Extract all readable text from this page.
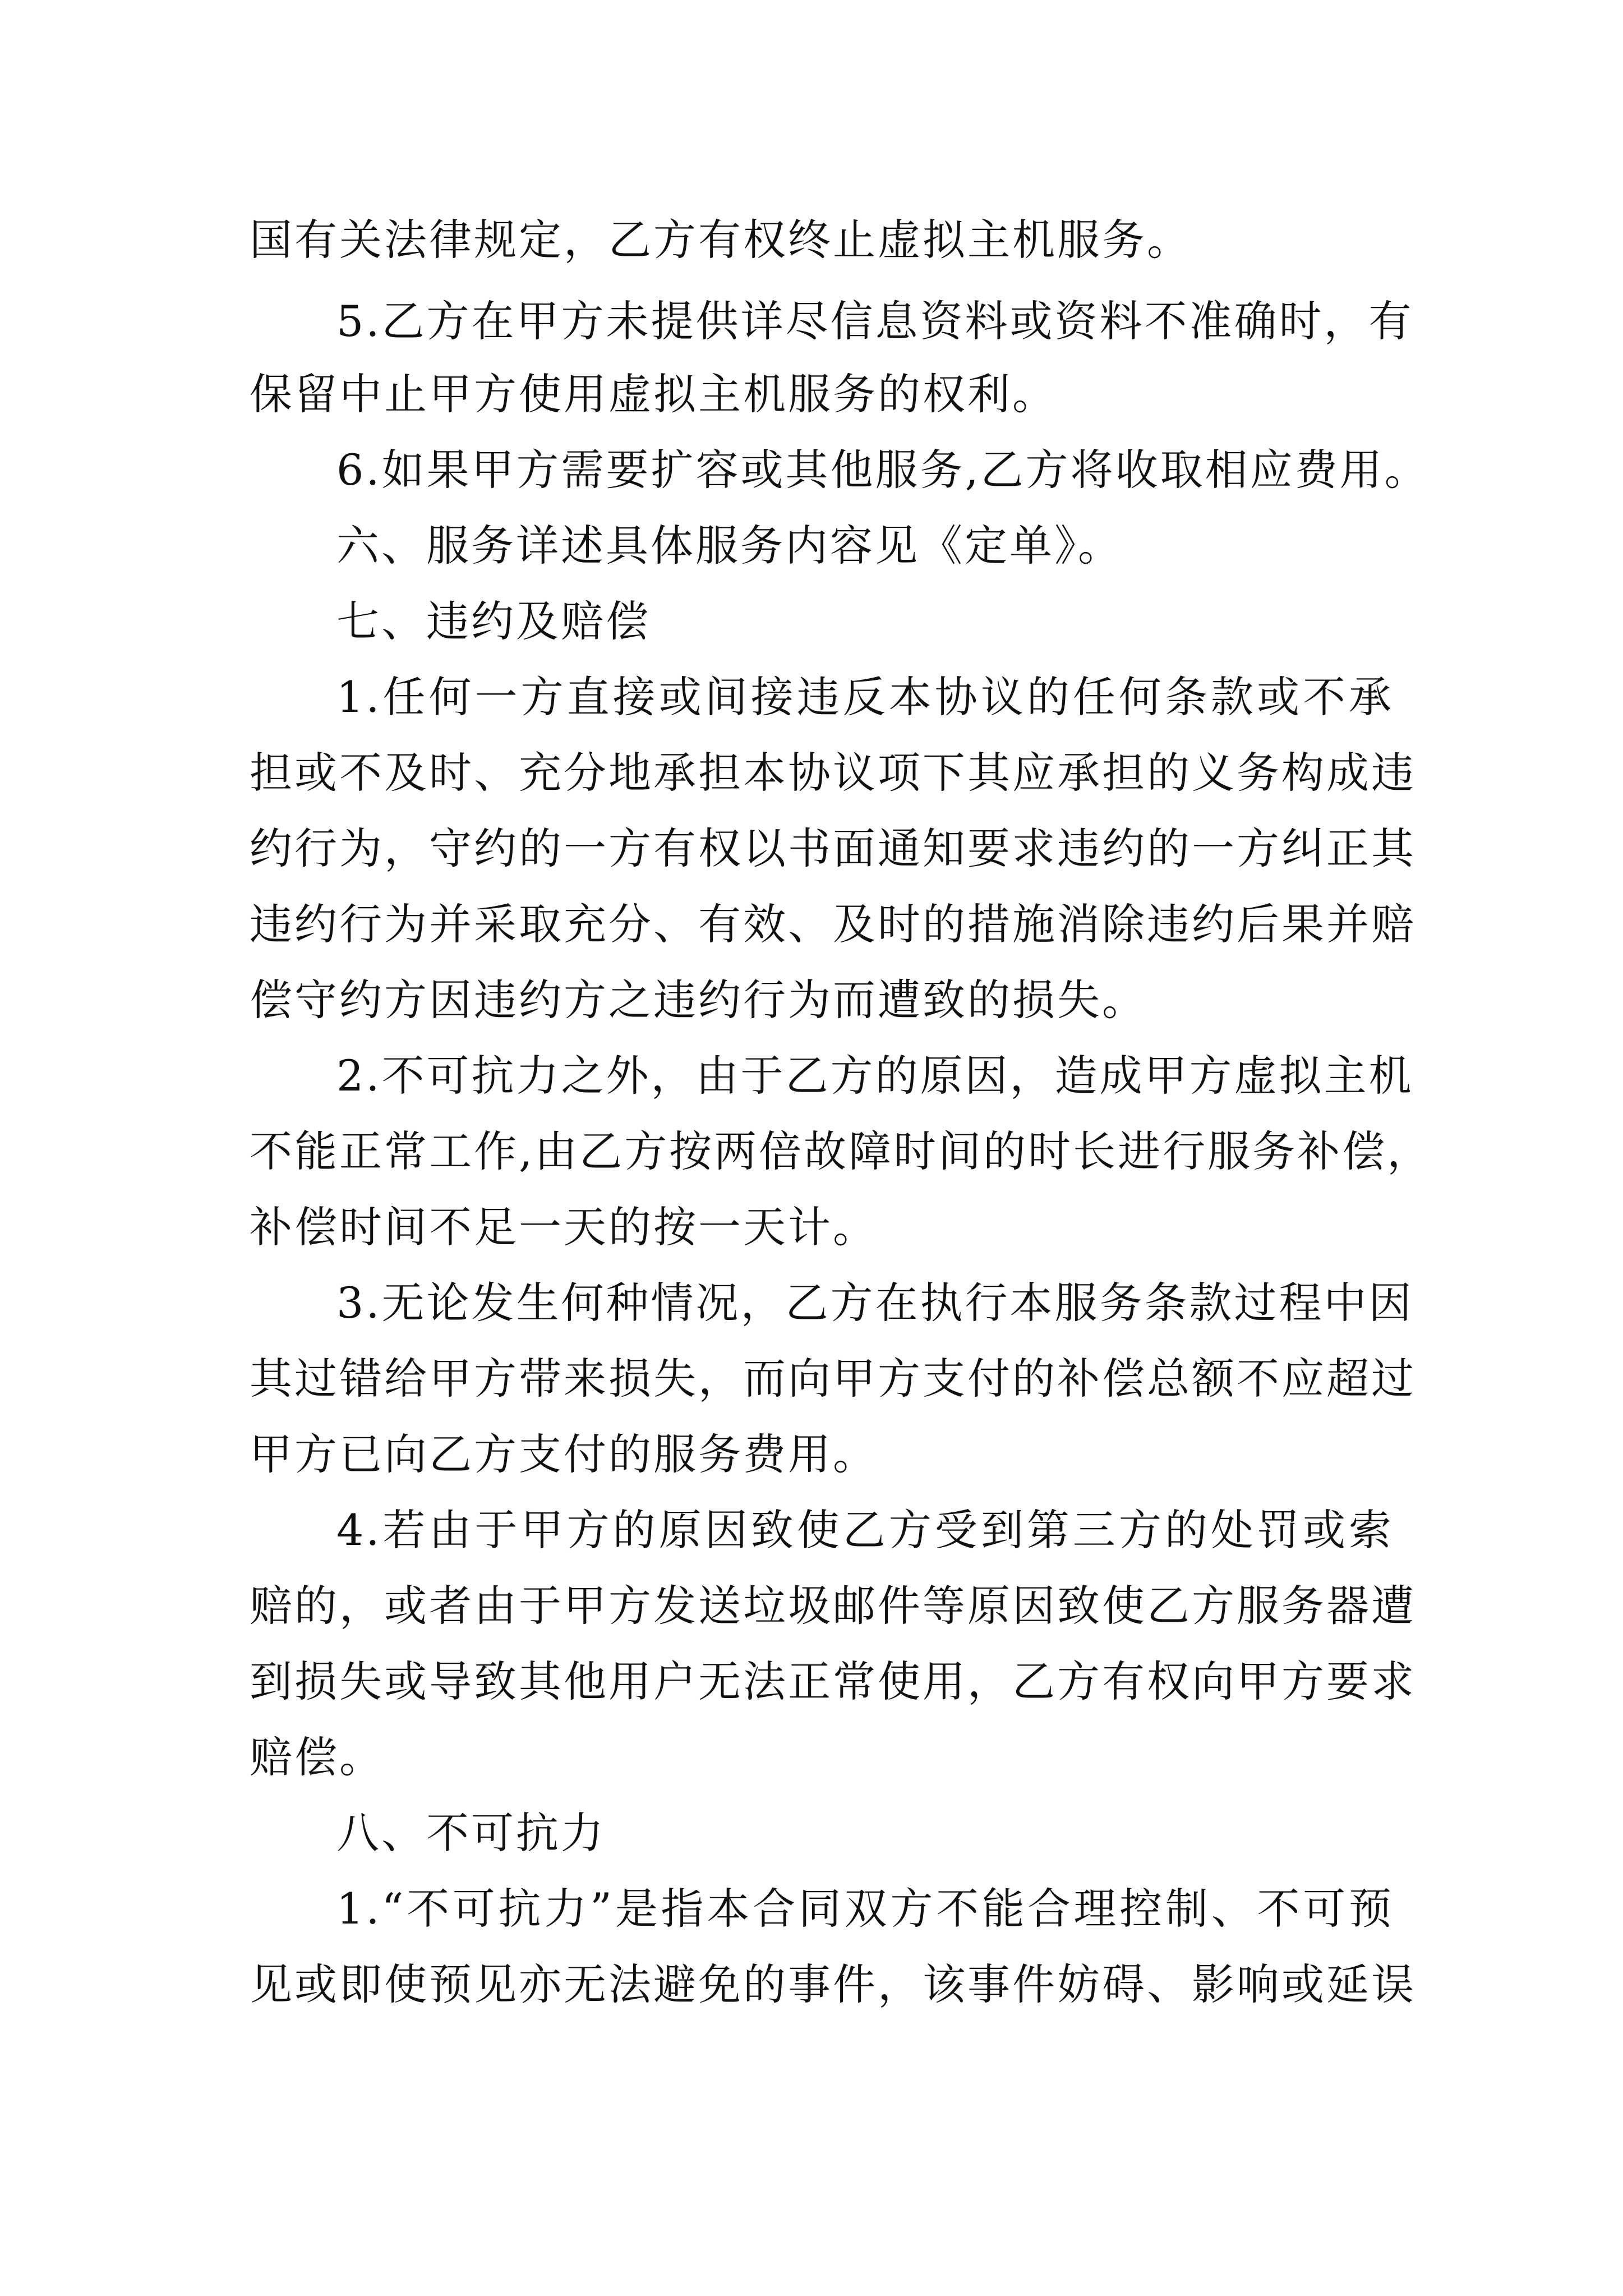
国有关法律规定，乙方有权终止虚拟主机服务。
5.乙方在甲方未提供详尽信息资料或资料不准确时，有
保留中止甲方使用虚拟主机服务的权利。
6.如果甲方需要扩容或其他服务,乙方将收取相应费用。
六、服务详述具体服务内容见《定单》。
七、违约及赔偿
1.任何一方直接或间接违反本协议的任何条款或不承
担或不及时、充分地承担本协议项下其应承担的义务构成违
约行为，守约的一方有权以书面通知要求违约的一方纠正其
违约行为并采取充分、有效、及时的措施消除违约后果并赔
偿守约方因违约方之违约行为而遭致的损失。
2.不可抗力之外，由于乙方的原因，造成甲方虚拟主机
不能正常工作,由乙方按两倍故障时间的时长进行服务补偿，
补偿时间不足一天的按一天计。
3.无论发生何种情况，乙方在执行本服务条款过程中因
其过错给甲方带来损失，而向甲方支付的补偿总额不应超过
甲方已向乙方支付的服务费用。
4.若由于甲方的原因致使乙方受到第三方的处罚或索
赔的，或者由于甲方发送垃圾邮件等原因致使乙方服务器遭
到损失或导致其他用户无法正常使用，乙方有权向甲方要求
赔偿。
八、不可抗力
1.“不可抗力”是指本合同双方不能合理控制、不可预
见或即使预见亦无法避免的事件，该事件妨碍、影响或延误
